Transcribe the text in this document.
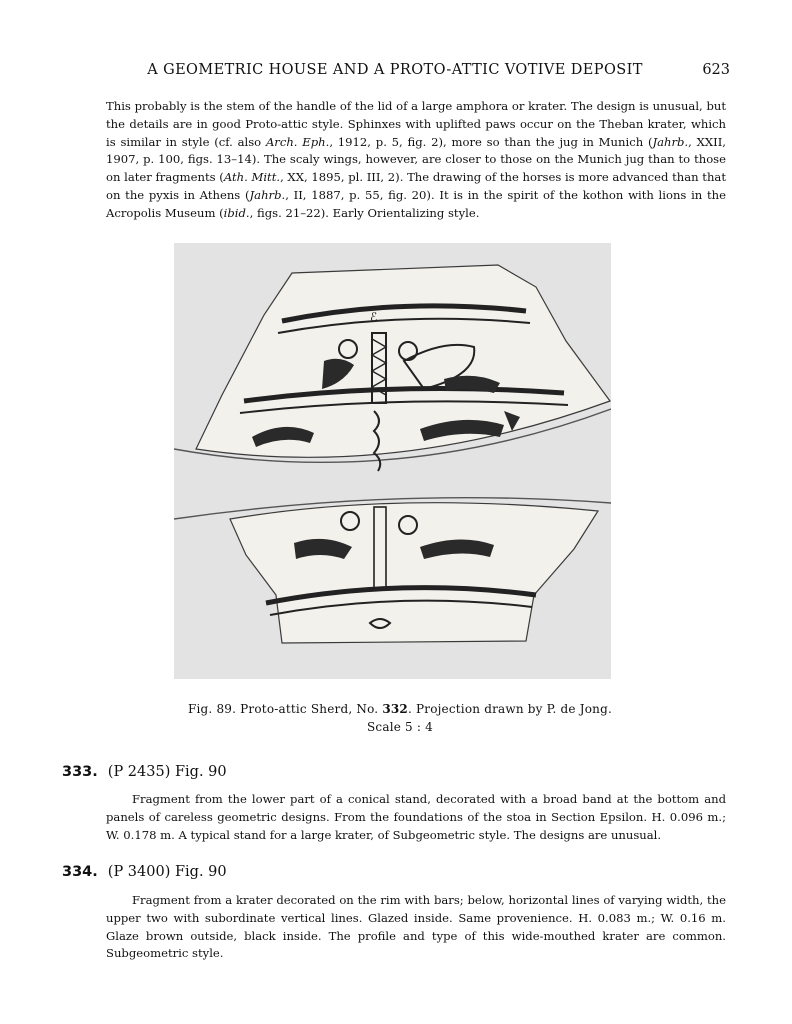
A GEOMETRIC HOUSE AND A PROTO-ATTIC VOTIVE DEPOSIT	623

This probably is the stem of the handle of the lid of a large amphora or krater. The design is unusual, but the details are in good Proto-attic style. Sphinxes with uplifted paws occur on the Theban krater, which is similar in style (cf. also Arch. Eph., 1912, p. 5, fig. 2), more so than the jug in Munich (Jahrb., XXII, 1907, p. 100, figs. 13–14). The scaly wings, however, are closer to those on the Munich jug than to those on later fragments (Ath. Mitt., XX, 1895, pl. III, 2). The drawing of the horses is more advanced than that on the pyxis in Athens (Jahrb., II, 1887, p. 55, fig. 20). It is in the spirit of the kothon with lions in the Acropolis Museum (ibid., figs. 21–22). Early Orientalizing style.

ℰ
Fig. 89. Proto-attic Sherd, No. 332. Projection drawn by P. de Jong.
Scale 5 : 4
333. (P 2435) Fig. 90

Fragment from the lower part of a conical stand, decorated with a broad band at the bottom and panels of careless geometric designs. From the foundations of the stoa in Section Epsilon. H. 0.096 m.; W. 0.178 m. A typical stand for a large krater, of Subgeometric style. The designs are unusual.

334. (P 3400) Fig. 90

Fragment from a krater decorated on the rim with bars; below, horizontal lines of varying width, the upper two with subordinate vertical lines. Glazed inside. Same provenience. H. 0.083 m.; W. 0.16 m. Glaze brown outside, black inside. The profile and type of this wide-mouthed krater are common. Subgeometric style.
